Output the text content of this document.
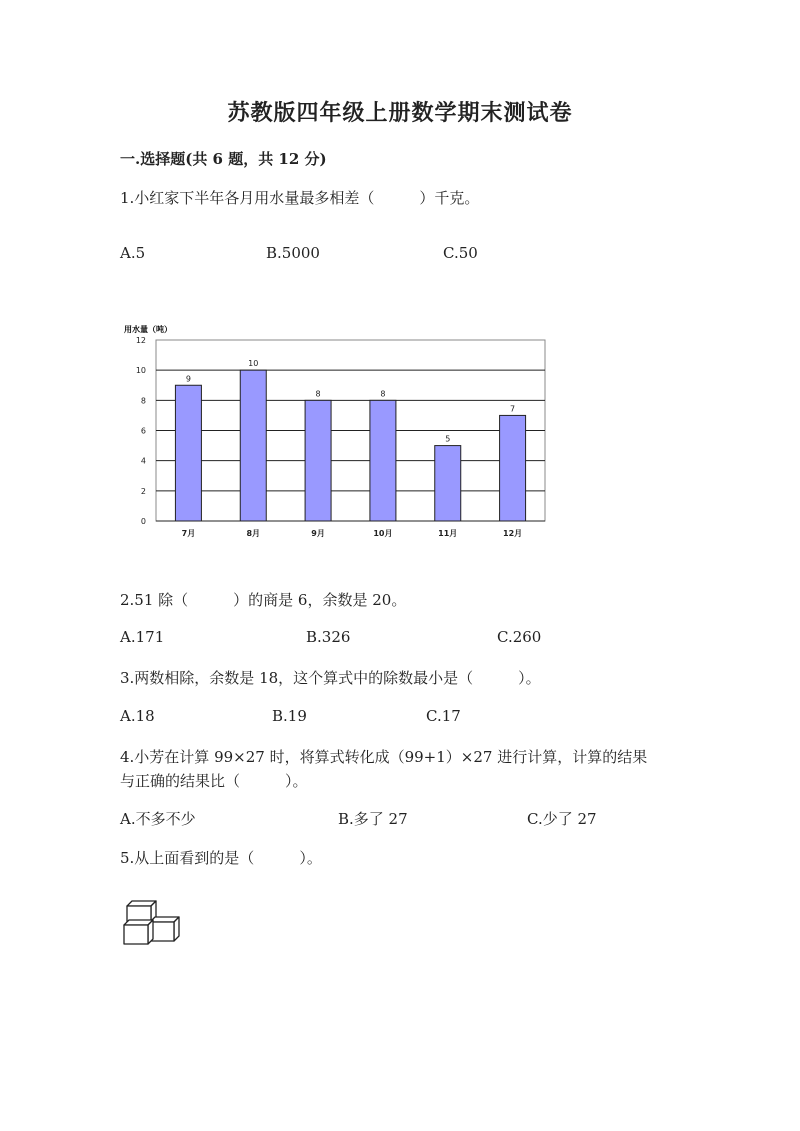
苏教版四年级上册数学期末测试卷
一.选择题(共 6 题，共 12 分)
1.小红家下半年各月用水量最多相差（　　　）千克。
A.5	B.5000	C.50
用水量（吨）
0
2
4
6
8
10
12
9
7月
10
8月
8
9月
8
10月
5
11月
7
12月
2.51 除（　　　）的商是 6，余数是 20。
A.171	B.326	C.260
3.两数相除，余数是 18，这个算式中的除数最小是（　　　）。
A.18	B.19	C.17
4.小芳在计算 99×27 时，将算式转化成（99+1）×27 进行计算，计算的结果
与正确的结果比（　　　）。
A.不多不少	B.多了 27	C.少了 27
5.从上面看到的是（　　　）。
